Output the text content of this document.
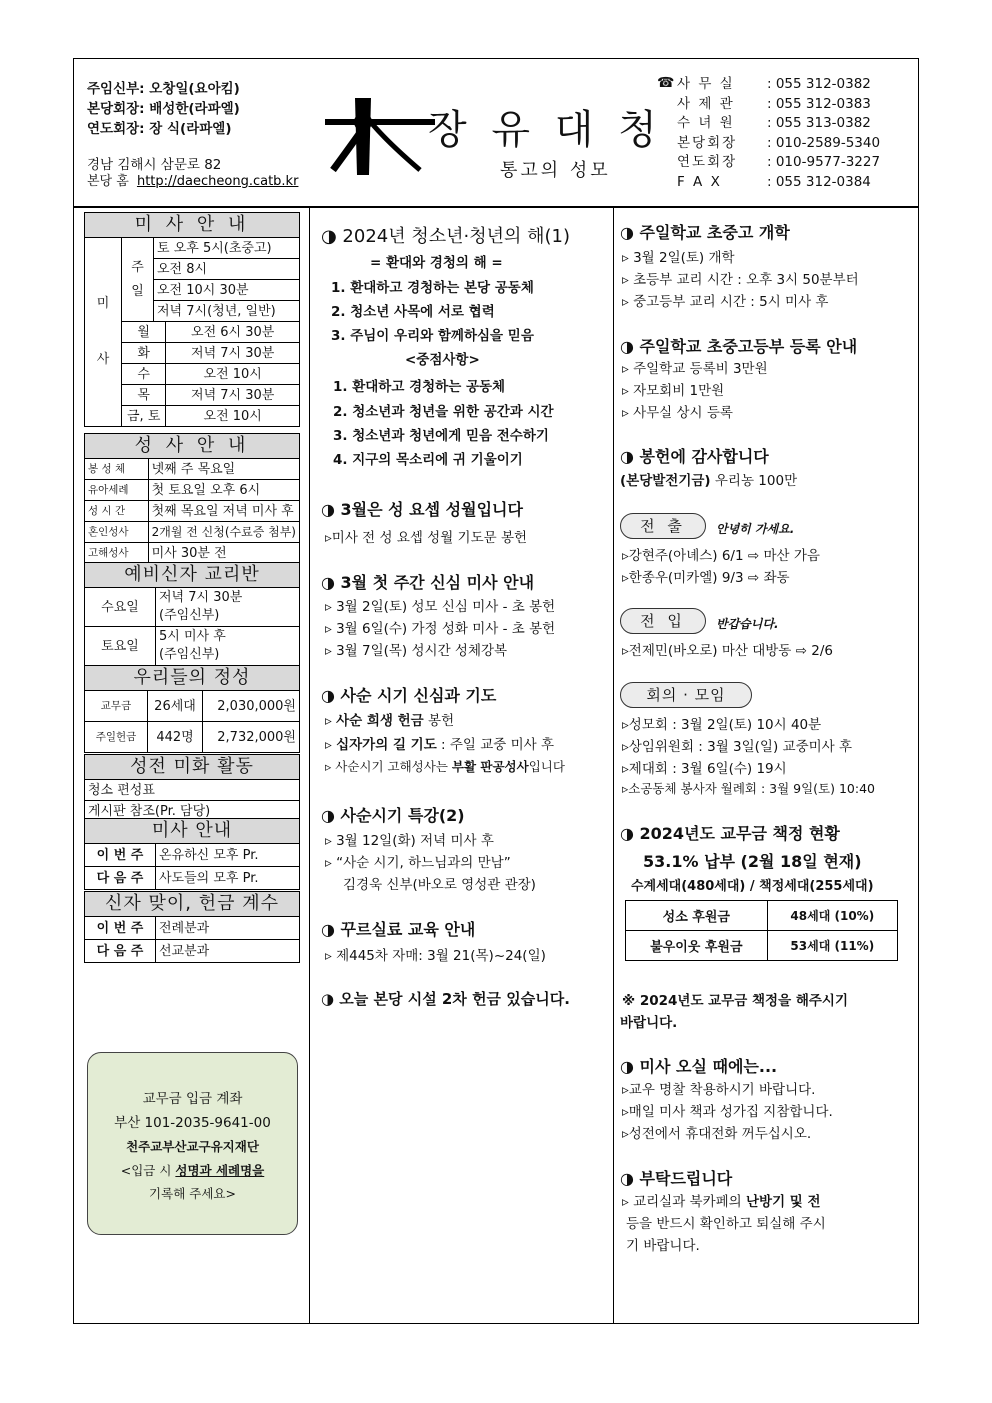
주임신부: 오창일(요아킴)
본당회장: 배성한(라파엘)
연도회장: 장 식(라파엘)
경남 김해시 삼문로 82
본당 홈 http://daecheong.catb.kr
장 유 대 청
통고의 성모
☎ 사 무 실	: 055 312-0382
사 제 관	: 055 312-0383
수 녀 원	: 055 313-0382
본당회장	: 010-2589-5340
연도회장	: 010-9577-3227
F A X	: 055 312-0384
미 사 안 내			
미

사	주
일	토 오후 5시(초중고)	
		오전 8시	
		오전 10시 30분	
		저녁 7시(청년, 일반)	
	월		오전 6시 30분
	화		저녁 7시 30분
	수		오전 10시
	목		저녁 7시 30분
	금, 토		오전 10시
성 사 안 내	
봉 성 체	넷째 주 목요일
유아세례	첫 토요일 오후 6시
성 시 간	첫째 목요일 저녁 미사 후
혼인성사	2개월 전 신청(수료증 첨부)
고해성사	미사 30분 전
예비신자 교리반	
수요일	저녁 7시 30분
(주임신부)
토요일	5시 미사 후
(주임신부)
우리들의 정성		
교무금	26세대	2,030,000원
주일헌금	442명	2,732,000원
성전 미화 활동
청소 편성표
게시판 참조(Pr. 담당)
미사 안내	
이 번 주	온유하신 모후 Pr.
다 음 주	사도들의 모후 Pr.
신자 맞이, 헌금 계수	
이 번 주	전례분과
다 음 주	선교분과
교무금 입금 계좌
부산 101-2035-9641-00
천주교부산교구유지재단
<입금 시 성명과 세례명을
기록해 주세요>
◑ 2024년 청소년·청년의 해(1)
= 환대와 경청의 해 =
1. 환대하고 경청하는 본당 공동체
2. 청소년 사목에 서로 협력
3. 주님이 우리와 함께하심을 믿음
<중점사항>
1. 환대하고 경청하는 공동체
2. 청소년과 청년을 위한 공간과 시간
3. 청소년과 청년에게 믿음 전수하기
4. 지구의 목소리에 귀 기울이기
◑ 3월은 성 요셉 성월입니다
▹미사 전 성 요셉 성월 기도문 봉헌
◑ 3월 첫 주간 신심 미사 안내
▹ 3월 2일(토) 성모 신심 미사 - 초 봉헌
▹ 3월 6일(수) 가정 성화 미사 - 초 봉헌
▹ 3월 7일(목) 성시간 성체강복
◑ 사순 시기 신심과 기도
▹ 사순 희생 헌금 봉헌
▹ 십자가의 길 기도 : 주일 교중 미사 후
▹ 사순시기 고해성사는 부활 판공성사입니다
◑ 사순시기 특강(2)
▹ 3월 12일(화) 저녁 미사 후
▹ “사순 시기, 하느님과의 만남”
김경욱 신부(바오로 영성관 관장)
◑ 꾸르실료 교육 안내
▹ 제445차 자매: 3월 21(목)~24(일)
◑ 오늘 본당 시설 2차 헌금 있습니다.
◑ 주일학교 초중고 개학
▹ 3월 2일(토) 개학
▹ 초등부 교리 시간 : 오후 3시 50분부터
▹ 중고등부 교리 시간 : 5시 미사 후
◑ 주일학교 초중고등부 등록 안내
▹ 주일학교 등록비 3만원
▹ 자모회비 1만원
▹ 사무실 상시 등록
◑ 봉헌에 감사합니다
(본당발전기금) 우리농 100만
전 출	안녕히 가세요.
▹강현주(아녜스) 6/1 ⇨ 마산 가음
▹한종우(미카엘) 9/3 ⇨ 좌동
전 입	반갑습니다.
▹전제민(바오로) 마산 대방동 ⇨ 2/6
회의 · 모임
▹성모회 : 3월 2일(토) 10시 40분
▹상임위원회 : 3월 3일(일) 교중미사 후
▹제대회 : 3월 6일(수) 19시
▹소공동체 봉사자 월례회 : 3월 9일(토) 10:40
◑ 2024년도 교무금 책정 현황
53.1% 납부 (2월 18일 현재)
수계세대(480세대) / 책정세대(255세대)
성소 후원금	48세대 (10%)
불우이웃 후원금	53세대 (11%)
※ 2024년도 교무금 책정을 해주시기
바랍니다.
◑ 미사 오실 때에는...
▹교우 명찰 착용하시기 바랍니다.
▹매일 미사 책과 성가집 지참합니다.
▹성전에서 휴대전화 꺼두십시오.
◑ 부탁드립니다
▹ 교리실과 북카페의 난방기 및 전
등을 반드시 확인하고 퇴실해 주시
기 바랍니다.
